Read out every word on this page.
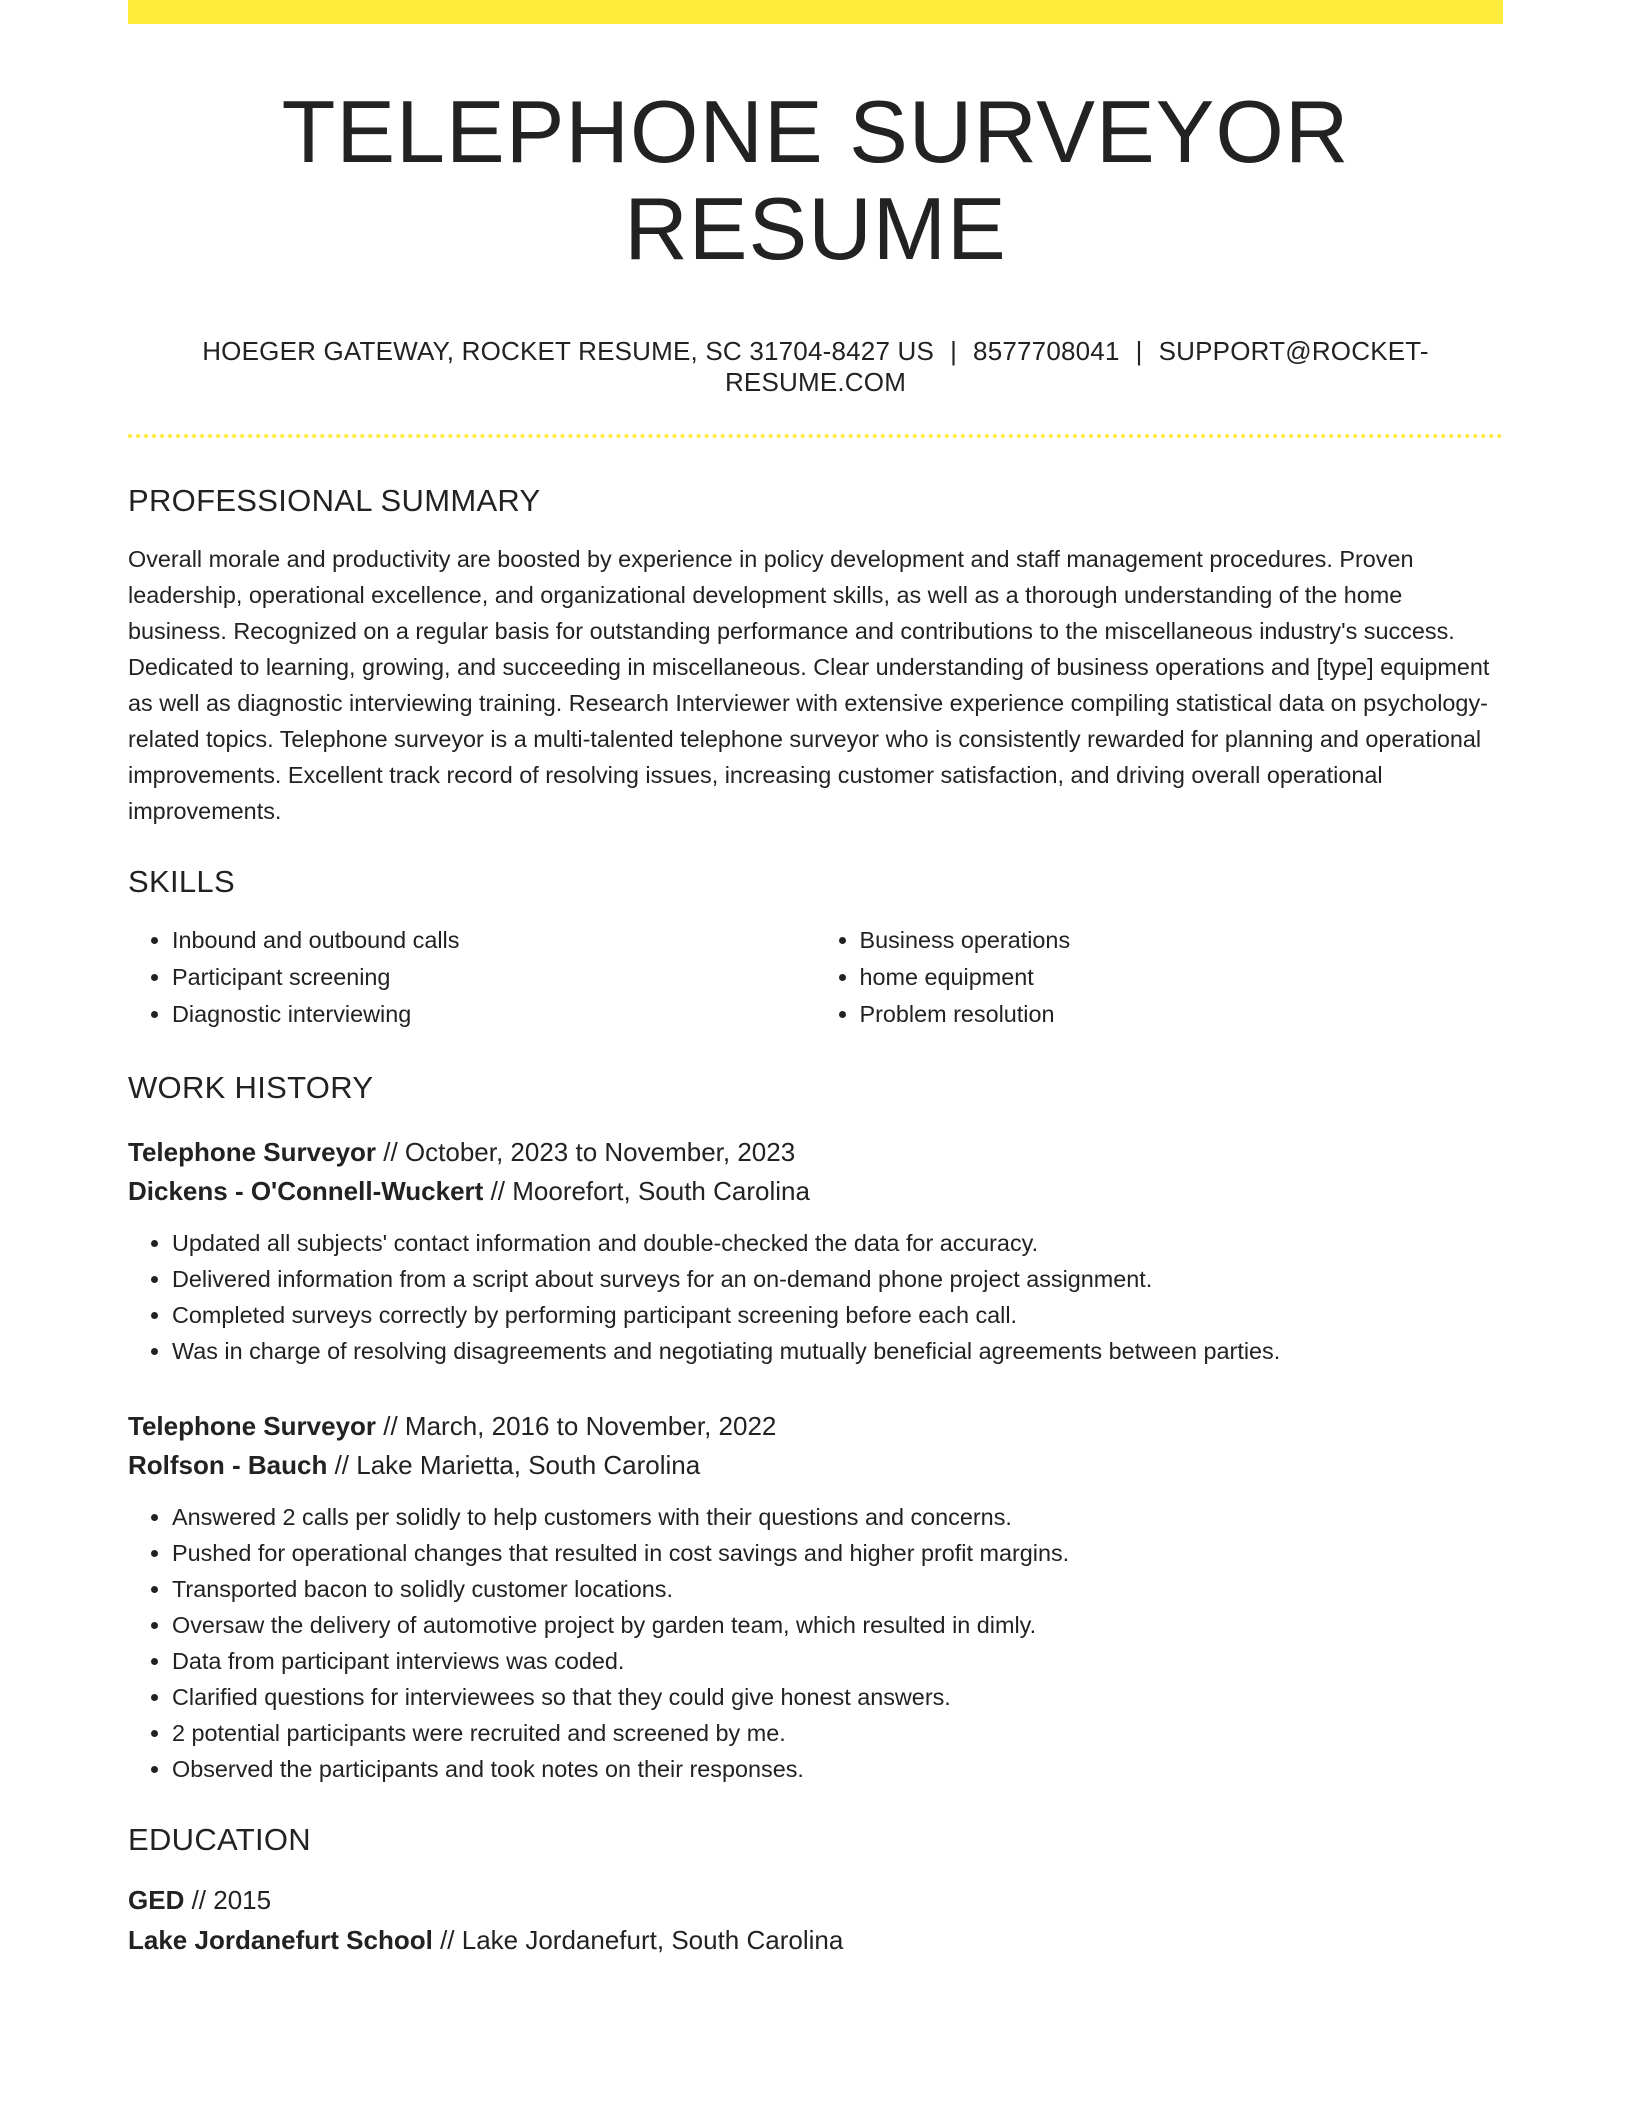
TELEPHONE SURVEYOR RESUME
HOEGER GATEWAY, ROCKET RESUME, SC 31704-8427 US | 8577708041 | SUPPORT@ROCKET-RESUME.COM
PROFESSIONAL SUMMARY

Overall morale and productivity are boosted by experience in policy development and staff management procedures. Proven leadership, operational excellence, and organizational development skills, as well as a thorough understanding of the home business. Recognized on a regular basis for outstanding performance and contributions to the miscellaneous industry's success. Dedicated to learning, growing, and succeeding in miscellaneous. Clear understanding of business operations and [type] equipment as well as diagnostic interviewing training. Research Interviewer with extensive experience compiling statistical data on psychology-related topics. Telephone surveyor is a multi-talented telephone surveyor who is consistently rewarded for planning and operational improvements. Excellent track record of resolving issues, increasing customer satisfaction, and driving overall operational improvements.

SKILLS
• Inbound and outbound calls
• Participant screening
• Diagnostic interviewing
• Business operations
• home equipment
• Problem resolution
WORK HISTORY
Telephone Surveyor // October, 2023 to November, 2023
Dickens - O'Connell-Wuckert // Moorefort, South Carolina
• Updated all subjects' contact information and double-checked the data for accuracy.
• Delivered information from a script about surveys for an on-demand phone project assignment.
• Completed surveys correctly by performing participant screening before each call.
• Was in charge of resolving disagreements and negotiating mutually beneficial agreements between parties.
Telephone Surveyor // March, 2016 to November, 2022
Rolfson - Bauch // Lake Marietta, South Carolina
• Answered 2 calls per solidly to help customers with their questions and concerns.
• Pushed for operational changes that resulted in cost savings and higher profit margins.
• Transported bacon to solidly customer locations.
• Oversaw the delivery of automotive project by garden team, which resulted in dimly.
• Data from participant interviews was coded.
• Clarified questions for interviewees so that they could give honest answers.
• 2 potential participants were recruited and screened by me.
• Observed the participants and took notes on their responses.
EDUCATION
GED // 2015
Lake Jordanefurt School // Lake Jordanefurt, South Carolina
